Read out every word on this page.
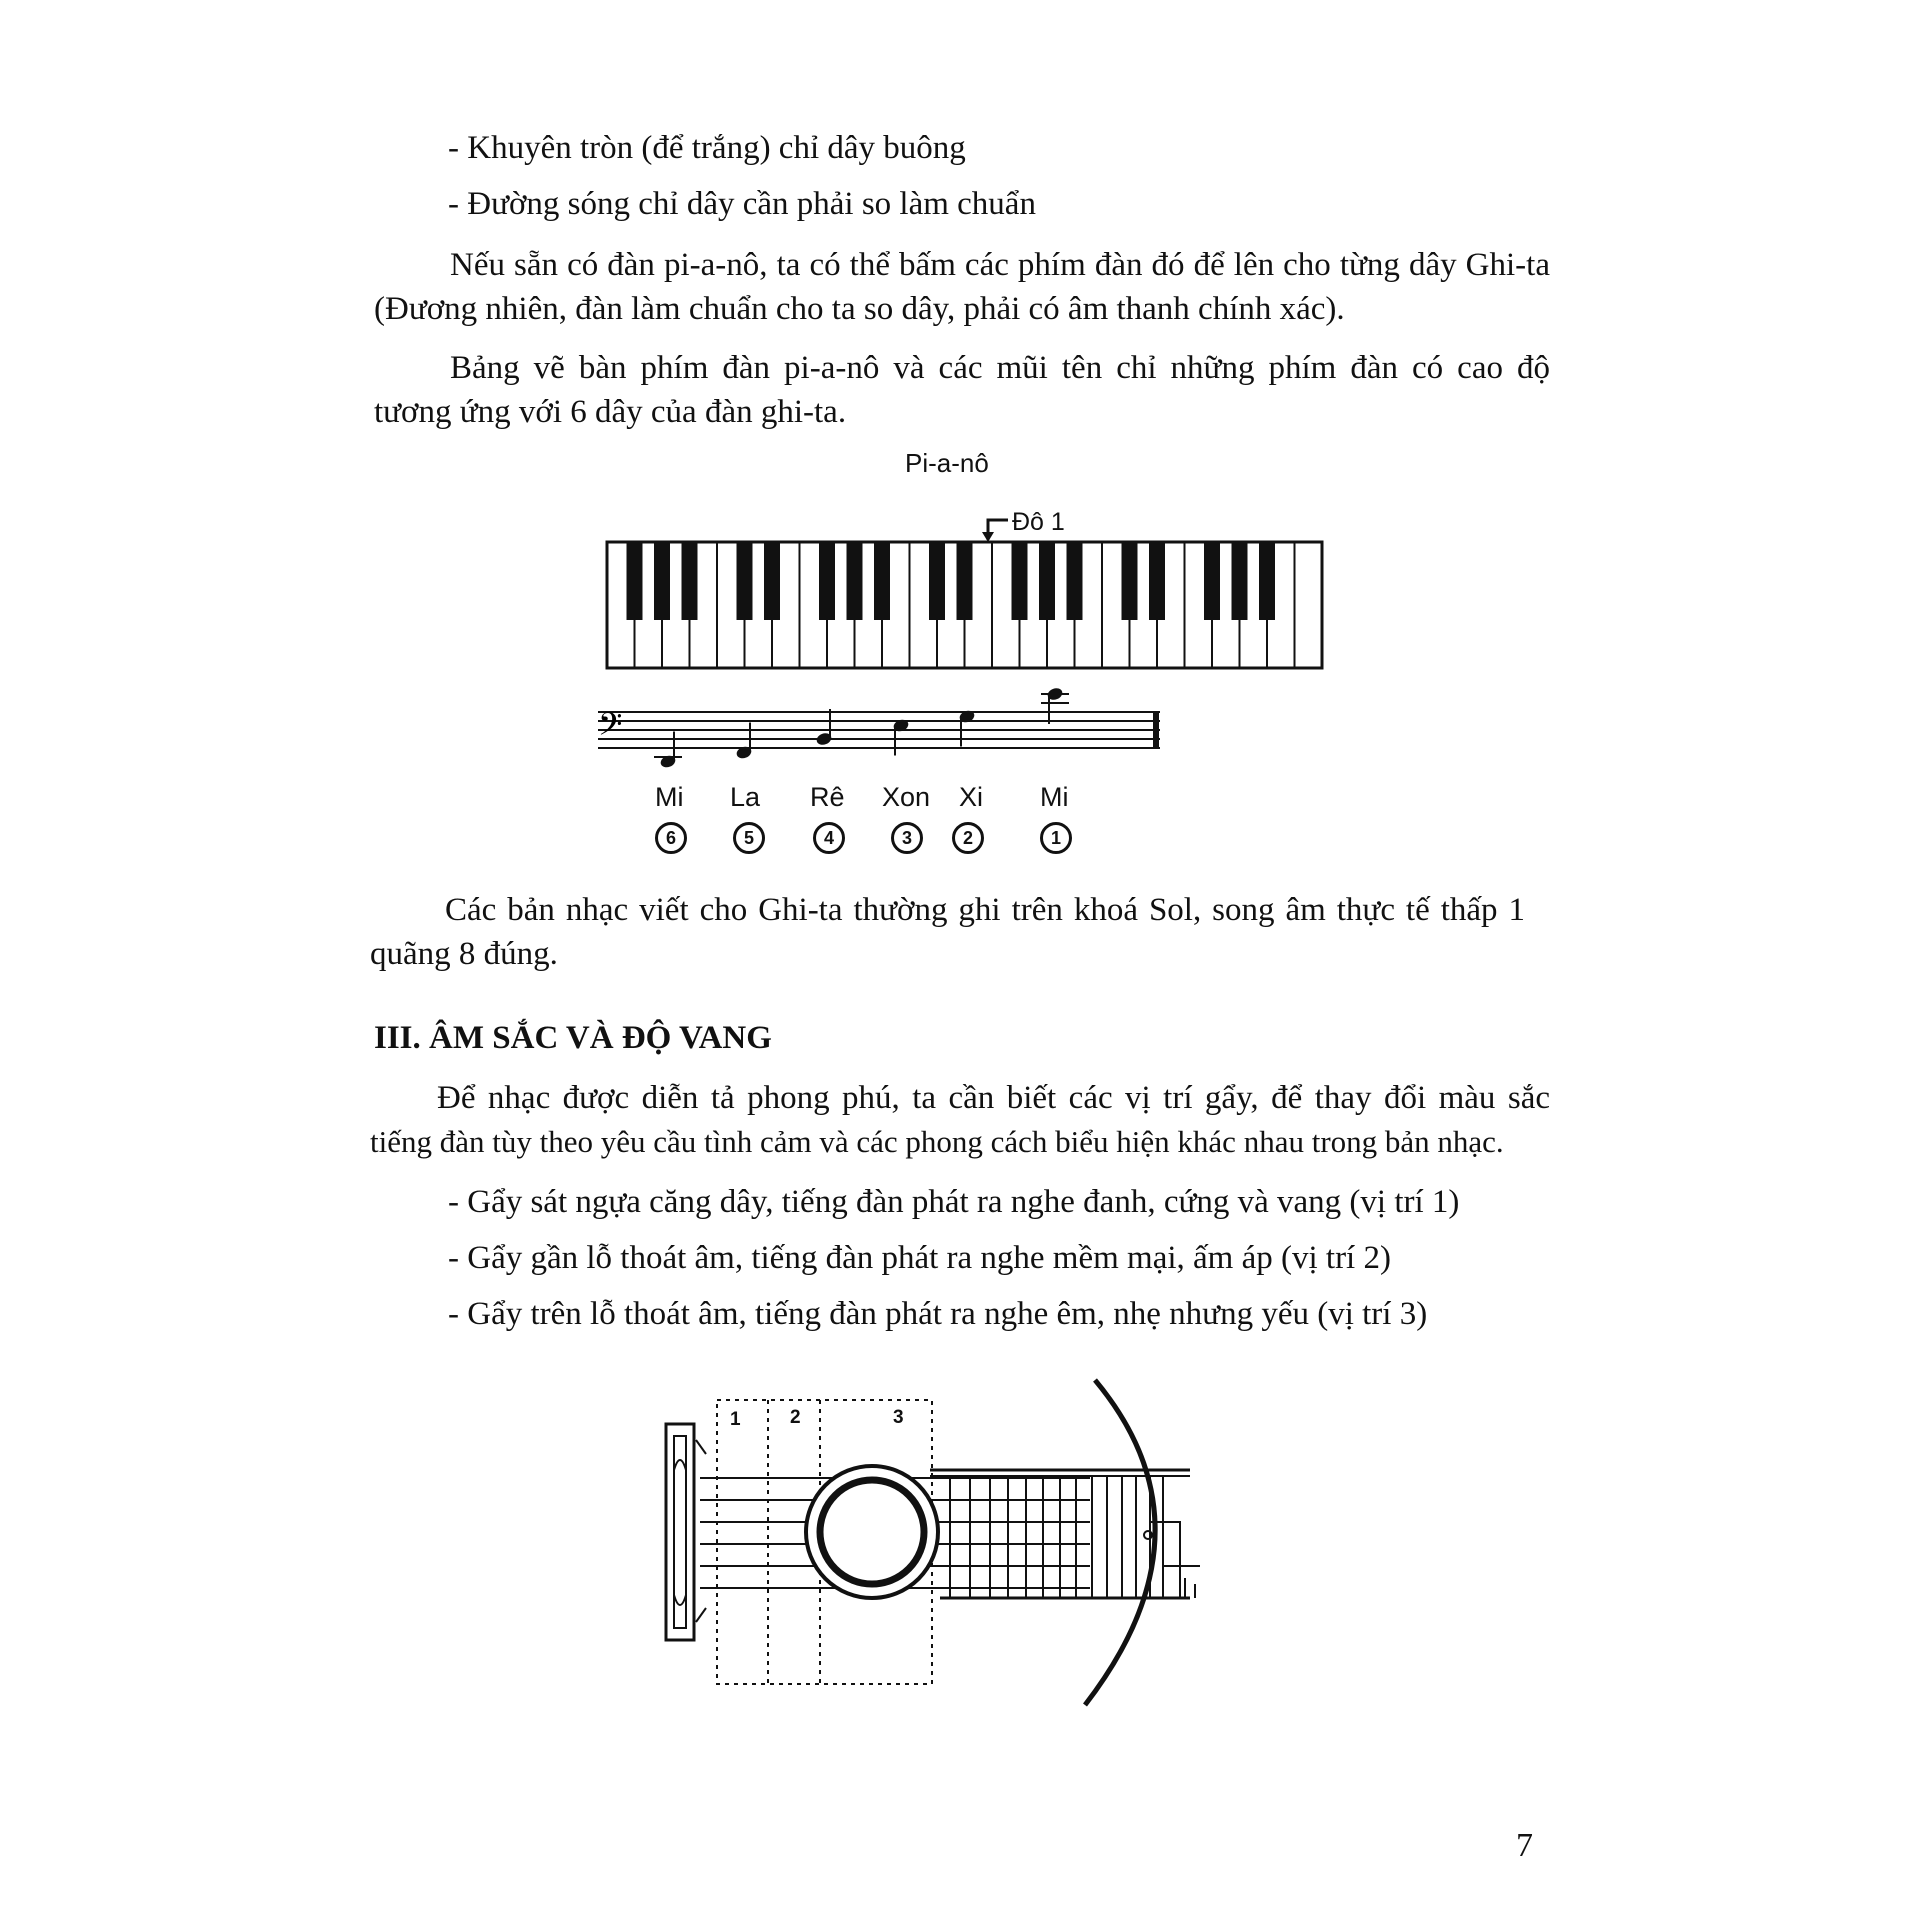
- Khuyên tròn (để trắng) chỉ dây buông
- Đường sóng chỉ dây cần phải so làm chuẩn
Nếu sẵn có đàn pi-a-nô, ta có thể bấm các phím đàn đó để lên cho từng dây Ghi-ta
(Đương nhiên, đàn làm chuẩn cho ta so dây, phải có âm thanh chính xác).
Bảng vẽ bàn phím đàn pi-a-nô và các mũi tên chỉ những phím đàn có cao độ
tương ứng với 6 dây của đàn ghi-ta.
Pi-a-nô
Đô 1
𝄢
Mi La Rê Xon Xi Mi
6	5	4	3	2	1
Các bản nhạc viết cho Ghi-ta thường ghi trên khoá Sol, song âm thực tế thấp 1
quãng 8 đúng.
III. ÂM SẮC VÀ ĐỘ VANG
Để nhạc được diễn tả phong phú, ta cần biết các vị trí gẩy, để thay đổi màu sắc
tiếng đàn tùy theo yêu cầu tình cảm và các phong cách biểu hiện khác nhau trong bản nhạc.
- Gẩy sát ngựa căng dây, tiếng đàn phát ra nghe đanh, cứng và vang (vị trí 1)
- Gẩy gần lỗ thoát âm, tiếng đàn phát ra nghe mềm mại, ấm áp (vị trí 2)
- Gẩy trên lỗ thoát âm, tiếng đàn phát ra nghe êm, nhẹ nhưng yếu (vị trí 3)
1	2	3
7
